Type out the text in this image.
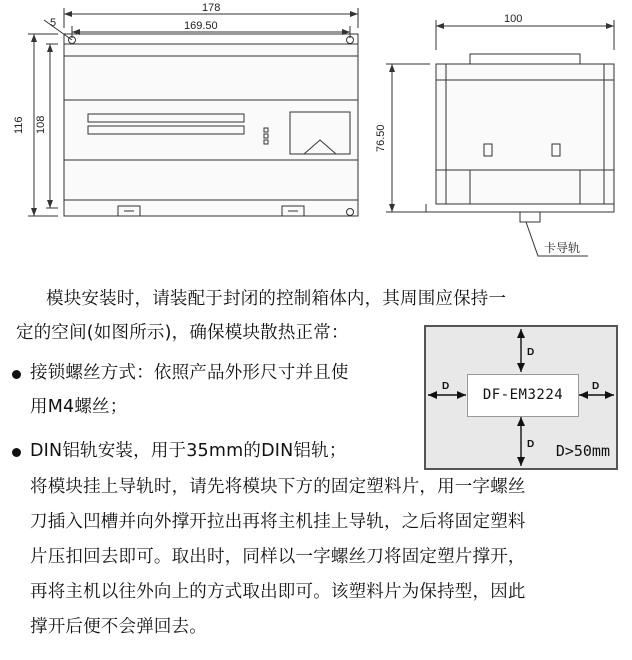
178
169.50
5
116 108
100
76.50
卡导轨
模块安装时，请装配于封闭的控制箱体内，其周围应保持一
定的空间(如图所示)，确保模块散热正常：
接锁螺丝方式：依照产品外形尺寸并且使
用M4螺丝；
DIN铝轨安装，用于35mm的DIN铝轨；
将模块挂上导轨时，请先将模块下方的固定塑料片，用一字螺丝
刀插入凹槽并向外撑开拉出再将主机挂上导轨，之后将固定塑料
片压扣回去即可。取出时，同样以一字螺丝刀将固定塑片撑开，
再将主机以往外向上的方式取出即可。该塑料片为保持型，因此
撑开后便不会弹回去。
DF-EM3224
D
D
D	D
D>50mm
